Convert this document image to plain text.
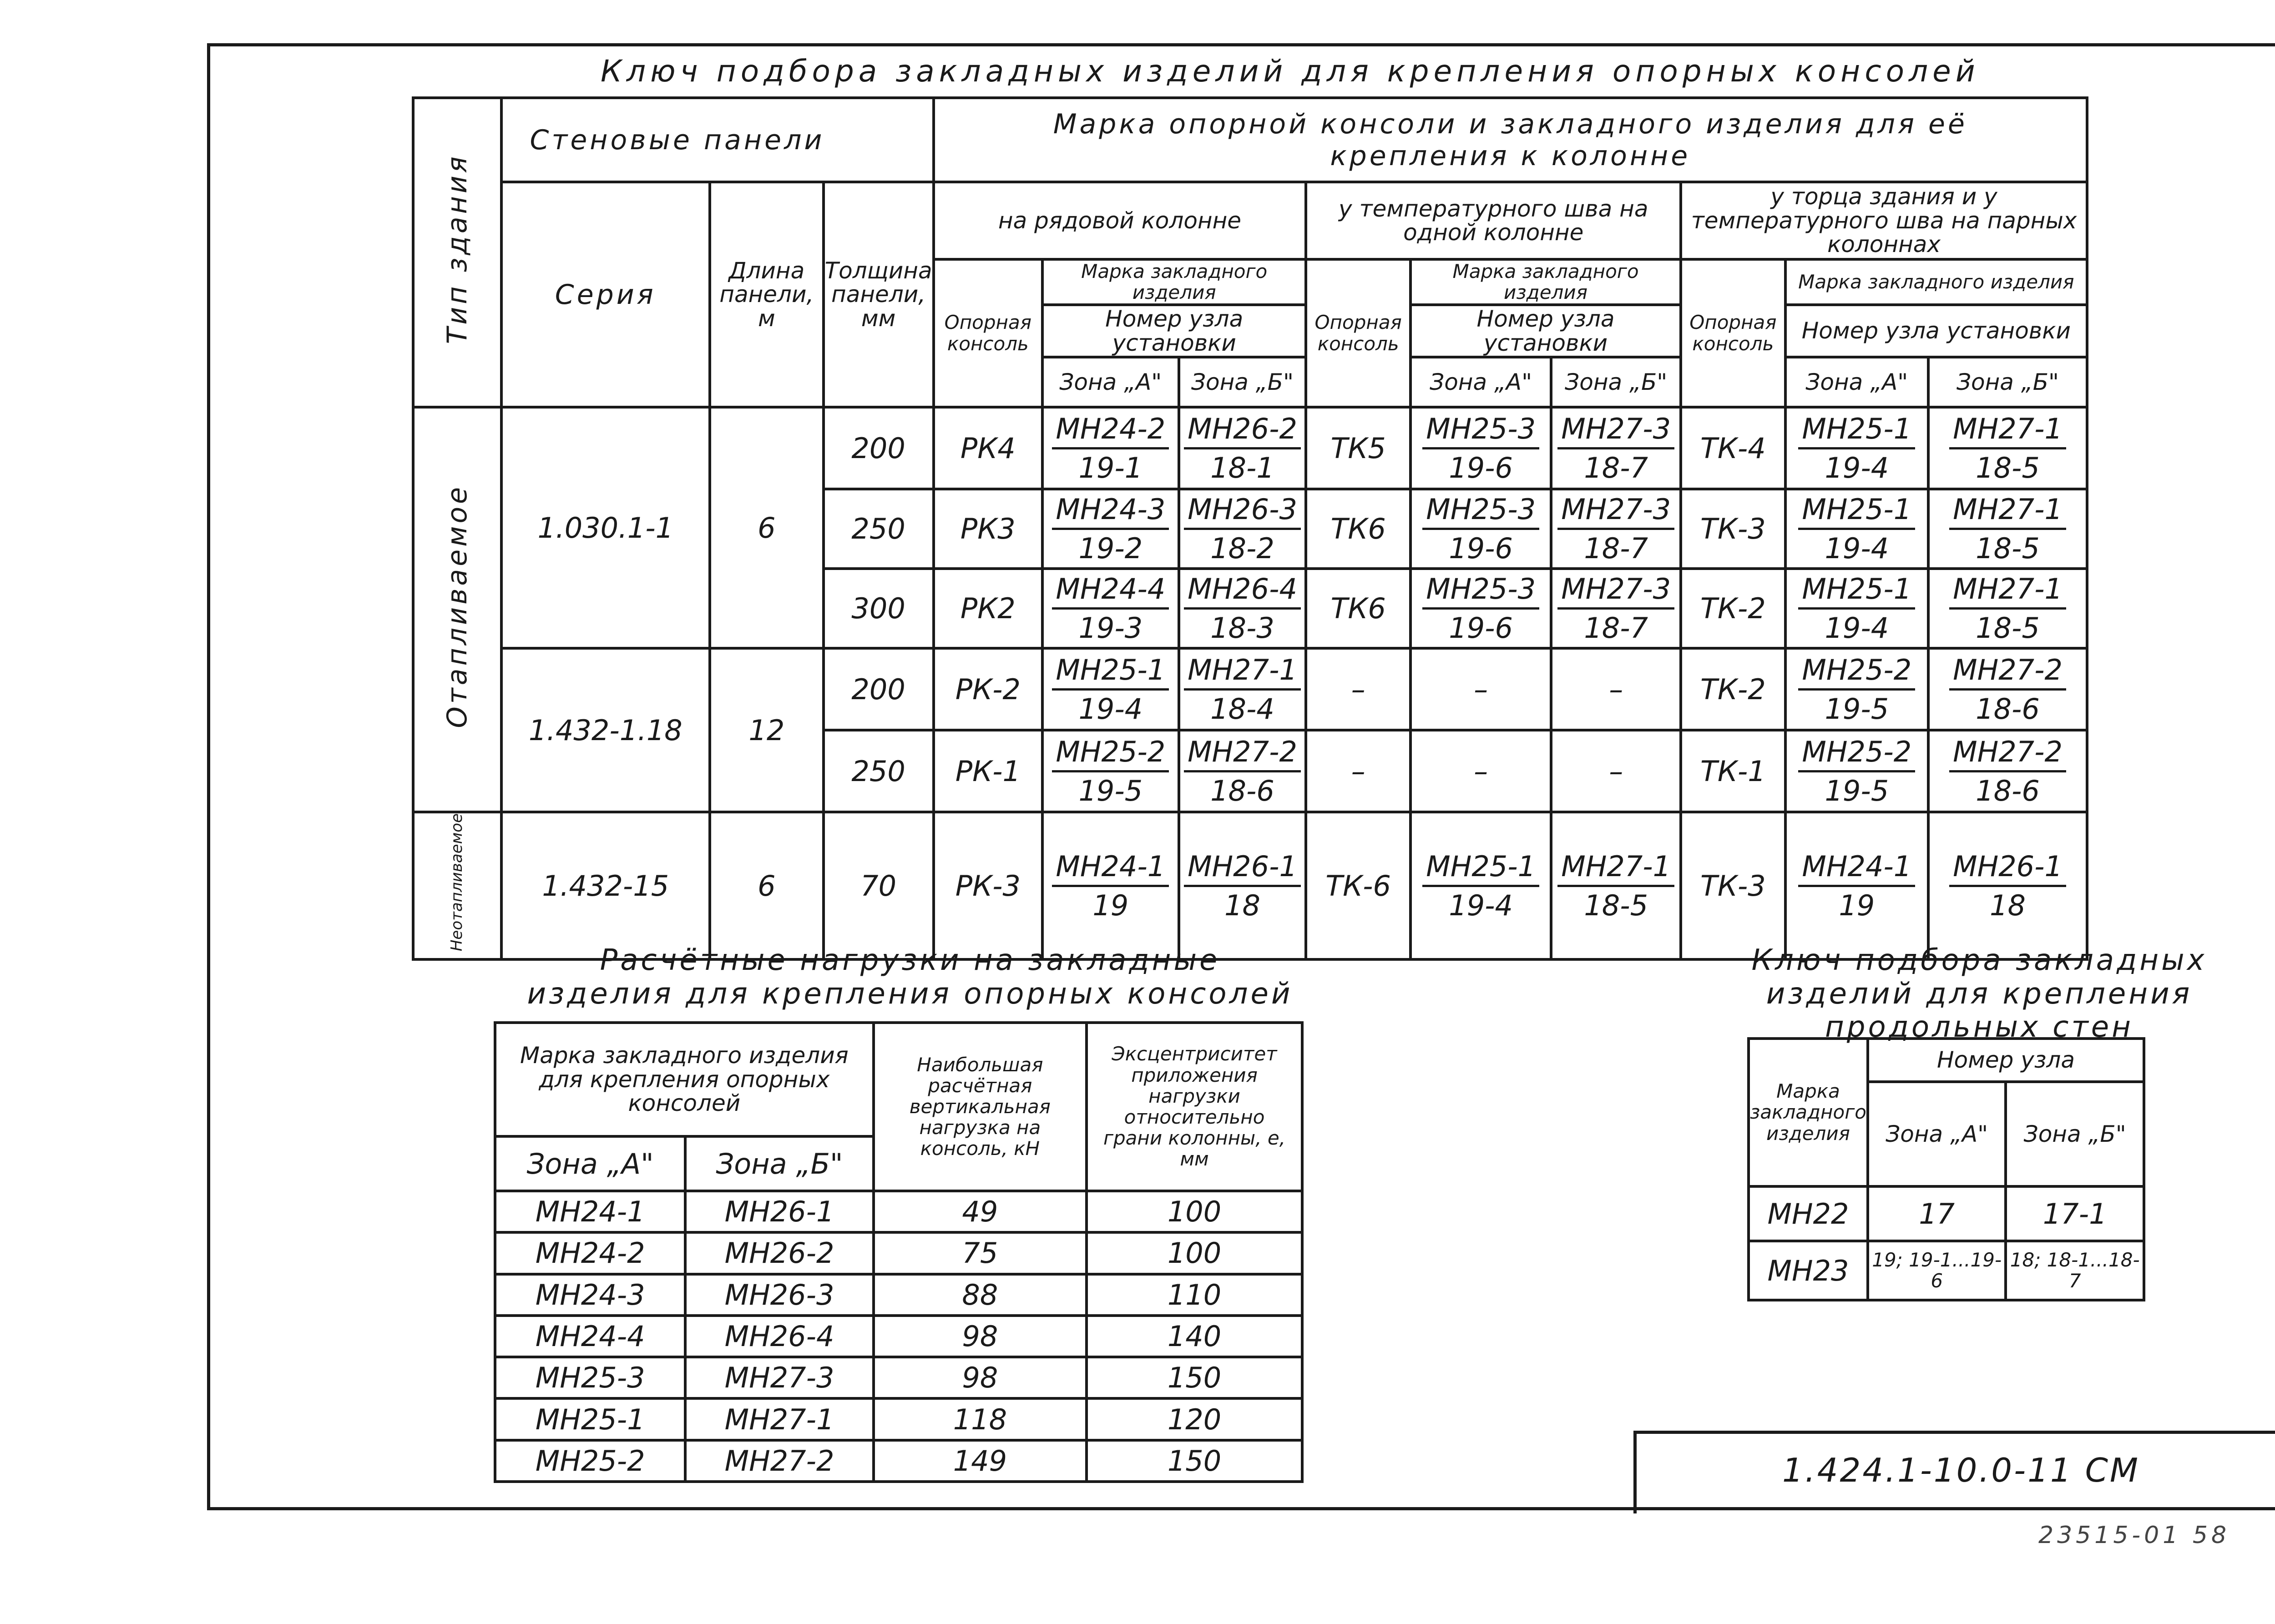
Ключ подбора закладных изделий для крепления опорных консолей
Тип здания	Стеновые панели			Марка опорной консоли и закладного изделия для её крепления к колонне								
	Серия	Длина панели, м	Толщина панели, мм	на рядовой колонне			у температурного шва на одной колонне			у торца здания и у температурного шва на парных колоннах		
				Опорная консоль	Марка закладного изделия		Опорная консоль	Марка закладного изделия		Опорная консоль	Марка закладного изделия	
					Номер узла установки			Номер узла установки			Номер узла установки	
					Зона „А"	Зона „Б"		Зона „А"	Зона „Б"		Зона „А"	Зона „Б"
Отапливаемое	1.030.1-1	6	200	РК4	$\frac{МН24-2}{19-1}$	$\frac{МН26-2}{18-1}$	ТК5	$\frac{МН25-3}{19-6}$	$\frac{МН27-3}{18-7}$	ТК-4	$\frac{МН25-1}{19-4}$	$\frac{МН27-1}{18-5}$

			250	РК3	$\frac{МН24-3}{19-2}$	$\frac{МН26-3}{18-2}$	ТК6	$\frac{МН25-3}{19-6}$	$\frac{МН27-3}{18-7}$	ТК-3	$\frac{МН25-1}{19-4}$	$\frac{МН27-1}{18-5}$

			300	РК2	$\frac{МН24-4}{19-3}$	$\frac{МН26-4}{18-3}$	ТК6	$\frac{МН25-3}{19-6}$	$\frac{МН27-3}{18-7}$	ТК-2	$\frac{МН25-1}{19-4}$	$\frac{МН27-1}{18-5}$

	1.432-1.18	12	200	РК-2	$\frac{МН25-1}{19-4}$	$\frac{МН27-1}{18-4}$	–	–	–	ТК-2	$\frac{МН25-2}{19-5}$	$\frac{МН27-2}{18-6}$

			250	РК-1	$\frac{МН25-2}{19-5}$	$\frac{МН27-2}{18-6}$	–	–	–	ТК-1	$\frac{МН25-2}{19-5}$	$\frac{МН27-2}{18-6}$

Неотапливаемое	1.432-15	6	70	РК-3	$\frac{МН24-1}{19}$	$\frac{МН26-1}{18}$	ТК-6	$\frac{МН25-1}{19-4}$	$\frac{МН27-1}{18-5}$	ТК-3	$\frac{МН24-1}{19}$	$\frac{МН26-1}{18}$
Расчётные нагрузки на закладные изделия для крепления опорных консолей
Марка закладного изделия для крепления опорных консолей		Наибольшая расчётная вертикальная нагрузка на консоль, кН	Эксцентриситет приложения нагрузки относительно грани колонны, е, мм
Зона „А"	Зона „Б"		
МН24-1	МН26-1	49	100
МН24-2	МН26-2	75	100
МН24-3	МН26-3	88	110
МН24-4	МН26-4	98	140
МН25-3	МН27-3	98	150
МН25-1	МН27-1	118	120
МН25-2	МН27-2	149	150
Ключ подбора закладных изделий для крепления продольных стен
Марка закладного изделия	Номер узла	
	Зона „А"	Зона „Б"
МН22	17	17-1
МН23	19; 19-1...19-6	18; 18-1...18-7
1.424.1-10.0-11 СМ
23515-01 58
